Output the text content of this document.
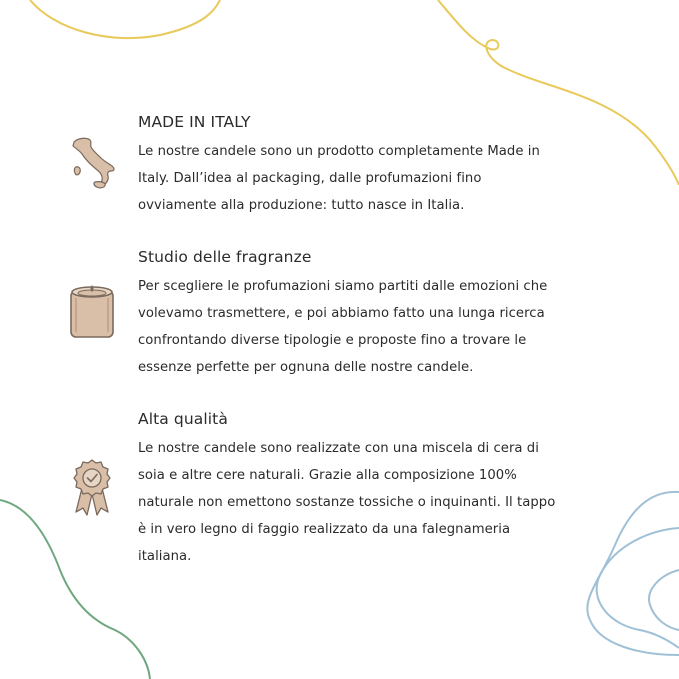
MADE IN ITALY
Le nostre candele sono un prodotto completamente Made in
Italy. Dall’idea al packaging, dalle profumazioni fino
ovviamente alla produzione: tutto nasce in Italia.
Studio delle fragranze
Per scegliere le profumazioni siamo partiti dalle emozioni che
volevamo trasmettere, e poi abbiamo fatto una lunga ricerca
confrontando diverse tipologie e proposte fino a trovare le
essenze perfette per ognuna delle nostre candele.
Alta qualità
Le nostre candele sono realizzate con una miscela di cera di
soia e altre cere naturali. Grazie alla composizione 100%
naturale non emettono sostanze tossiche o inquinanti. Il tappo
è in vero legno di faggio realizzato da una falegnameria
italiana.
